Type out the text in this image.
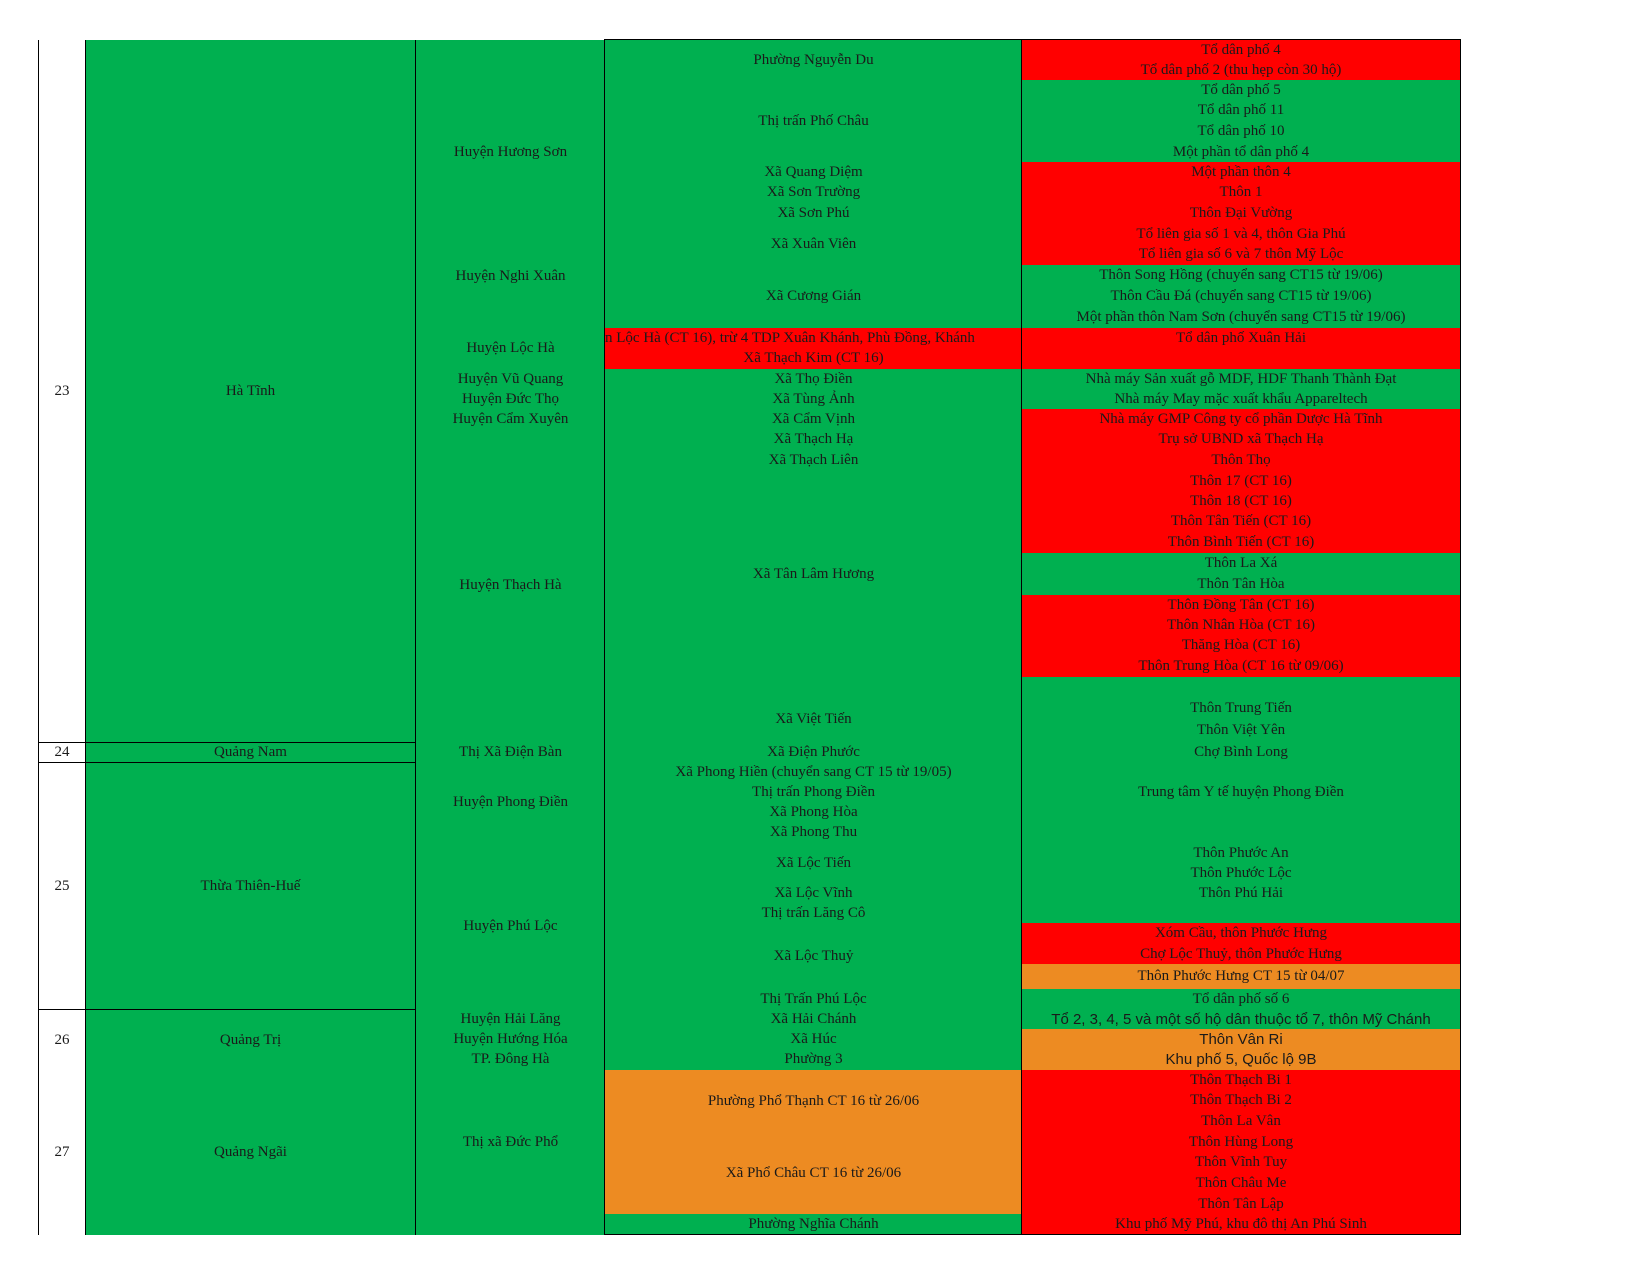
23
24
25
26
27
Hà Tĩnh
Quảng Nam
Thừa Thiên-Huế
Quảng Trị
Quảng Ngãi
Huyện Hương Sơn
Huyện Nghi Xuân
Huyện Lộc Hà
Huyện Vũ Quang
Huyện Đức Thọ
Huyện Cẩm Xuyên
Huyện Thạch Hà
Thị Xã Điện Bàn
Huyện Phong Điền
Huyện Phú Lộc
Huyện Hải Lăng
Huyện Hướng Hóa
TP. Đông Hà
Thị xã Đức Phổ
Phường Nguyễn Du
Thị trấn Phố Châu
Xã Quang Diệm
Xã Sơn Trường
Xã Sơn Phú
Xã Xuân Viên
Xã Cương Gián
n Lộc Hà (CT 16), trừ 4 TDP Xuân Khánh, Phù Đồng, Khánh
Xã Thạch Kim (CT 16)
Xã Thọ Điền
Xã Tùng Ảnh
Xã Cẩm Vịnh
Xã Thạch Hạ
Xã Thạch Liên
Xã Tân Lâm Hương
Xã Việt Tiến
Xã Điện Phước
Xã Phong Hiền (chuyển sang CT 15 từ 19/05)
Thị trấn Phong Điền
Xã Phong Hòa
Xã Phong Thu
Xã Lộc Tiến
Xã Lộc Vĩnh
Thị trấn Lăng Cô
Xã Lộc Thuỷ
Thị Trấn Phú Lộc
Xã Hải Chánh
Xã Húc
Phường 3
Phường Phổ Thạnh CT 16 từ 26/06
Xã Phổ Châu CT 16 từ 26/06
Phường Nghĩa Chánh
Tổ dân phố 4
Tổ dân phố 2 (thu hẹp còn 30 hộ)
Tổ dân phố 5
Tổ dân phố 11
Tổ dân phố 10
Một phần tổ dân phố 4
Một phần thôn 4
Thôn 1
Thôn Đại Vường
Tổ liên gia số 1 và 4, thôn Gia Phú
Tổ liên gia số 6 và 7 thôn Mỹ Lộc
Thôn Song Hồng (chuyển sang CT15 từ 19/06)
Thôn Cầu Đá (chuyển sang CT15 từ 19/06)
Một phần thôn Nam Sơn (chuyển sang CT15 từ 19/06)
Tổ dân phố Xuân Hải
Nhà máy Sản xuất gỗ MDF, HDF Thanh Thành Đạt
Nhà máy May mặc xuất khẩu Appareltech
Nhà máy GMP Công ty cổ phần Dược Hà Tĩnh
Trụ sở UBND xã Thạch Hạ
Thôn Thọ
Thôn 17 (CT 16)
Thôn 18 (CT 16)
Thôn Tân Tiến (CT 16)
Thôn Bình Tiến (CT 16)
Thôn La Xá
Thôn Tân Hòa
Thôn Đồng Tân (CT 16)
Thôn Nhân Hòa (CT 16)
Thăng Hòa (CT 16)
Thôn Trung Hòa (CT 16 từ 09/06)
Thôn Trung Tiến
Thôn Việt Yên
Chợ Bình Long
Trung tâm Y tế huyện Phong Điền
Thôn Phước An
Thôn Phước Lộc
Thôn Phú Hải
Xóm Cầu, thôn Phước Hưng
Chợ Lộc Thuỷ, thôn Phước Hưng
Thôn Phước Hưng CT 15 từ 04/07
Tổ dân phố số 6
Tổ 2, 3, 4, 5 và một số hộ dân thuộc tổ 7, thôn Mỹ Chánh
Thôn Vân Ri
Khu phố 5, Quốc lộ 9B
Thôn Thạch Bi 1
Thôn Thạch Bi 2
Thôn La Vân
Thôn Hùng Long
Thôn Vĩnh Tuy
Thôn Châu Me
Thôn Tân Lập
Khu phố Mỹ Phú, khu đô thị An Phú Sinh
